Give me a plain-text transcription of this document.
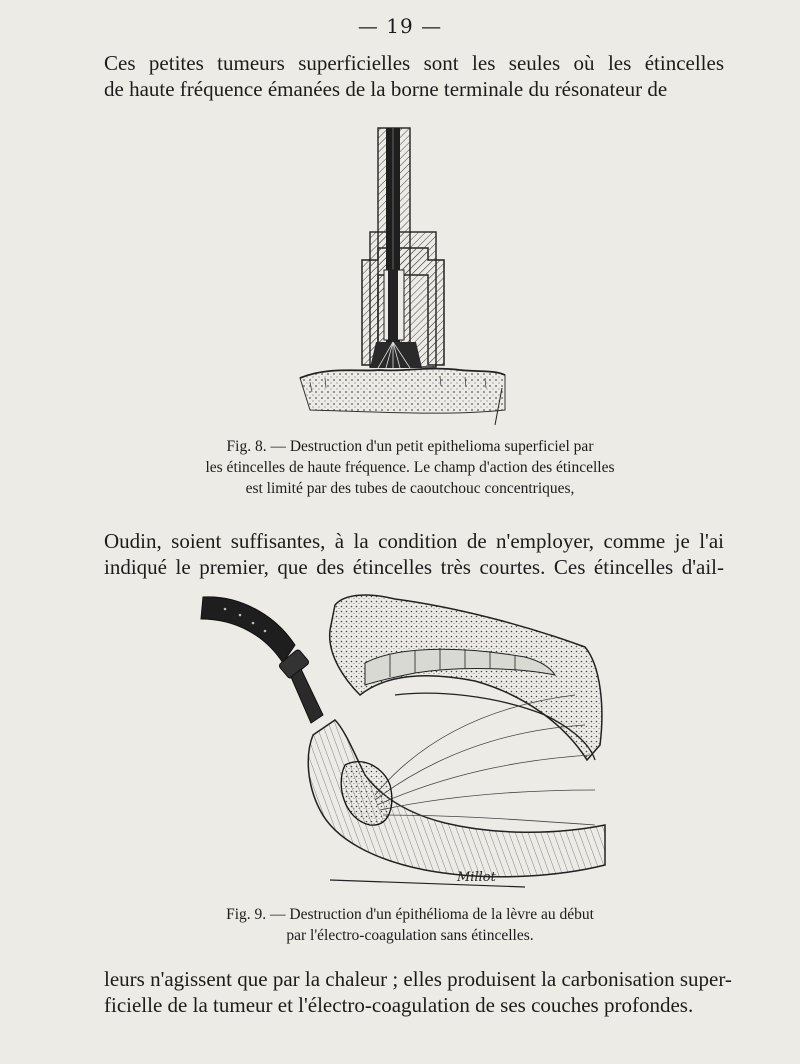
— 19 —

Ces petites tumeurs superficielles sont les seules où les étincelles
de haute fréquence émanées de la borne terminale du résonateur de

Fig. 8. — Destruction d'un petit epithelioma superficiel par
les étincelles de haute fréquence. Le champ d'action des étincelles
est limité par des tubes de caoutchouc concentriques,

Oudin, soient suffisantes, à la condition de n'employer, comme je l'ai
indiqué le premier, que des étincelles très courtes. Ces étincelles d'ail-

Millot

Fig. 9. — Destruction d'un épithélioma de la lèvre au début
par l'électro-coagulation sans étincelles.

leurs n'agissent que par la chaleur ; elles produisent la carbonisation super-
ficielle de la tumeur et l'électro-coagulation de ses couches profondes.
